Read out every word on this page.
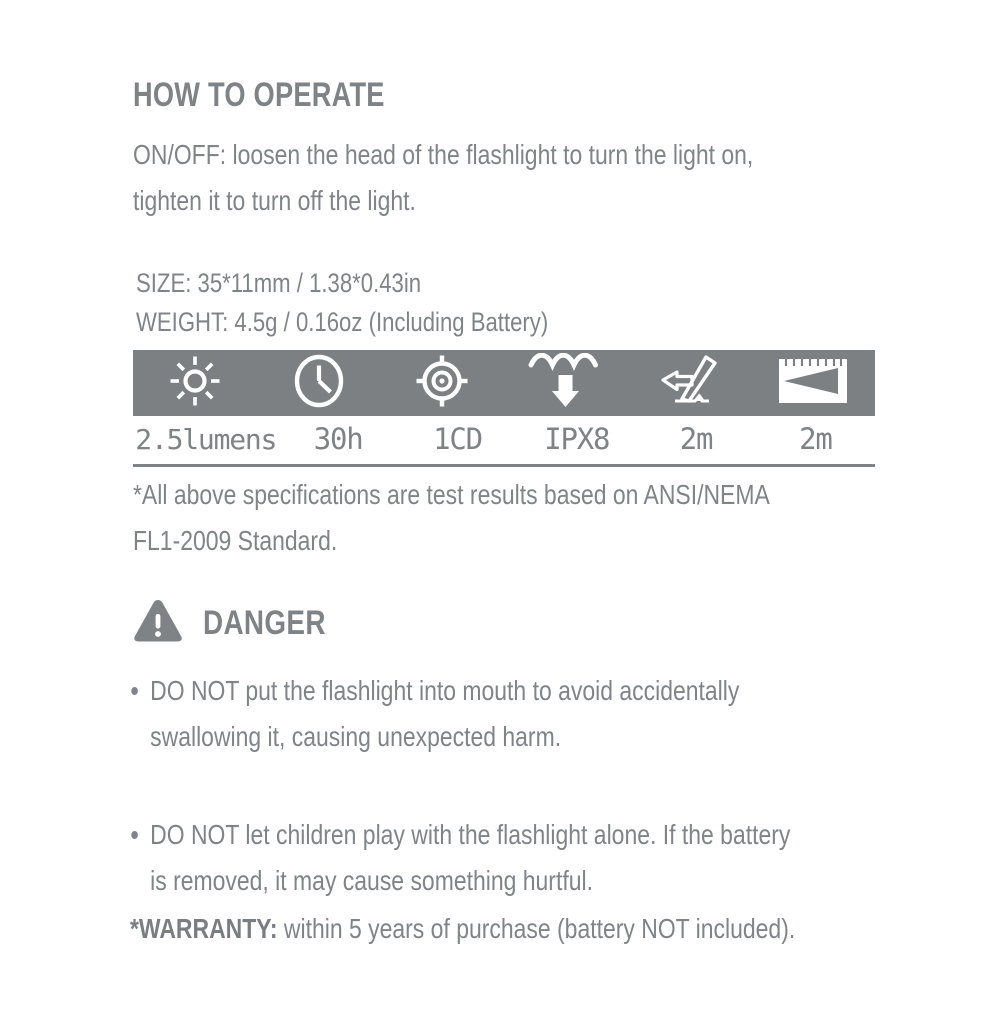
HOW TO OPERATE
ON/OFF: loosen the head of the flashlight to turn the light on,
tighten it to turn off the light.
SIZE: 35*11mm / 1.38*0.43in
WEIGHT: 4.5g / 0.16oz (Including Battery)
2.5lumens	30h	1CD	IPX8	2m	2m
*All above specifications are test results based on ANSI/NEMA
FL1-2009 Standard.
DANGER
DO NOT put the flashlight into mouth to avoid accidentally
swallowing it, causing unexpected harm.
DO NOT let children play with the flashlight alone. If the battery
is removed, it may cause something hurtful.
*WARRANTY: within 5 years of purchase (battery NOT included).
